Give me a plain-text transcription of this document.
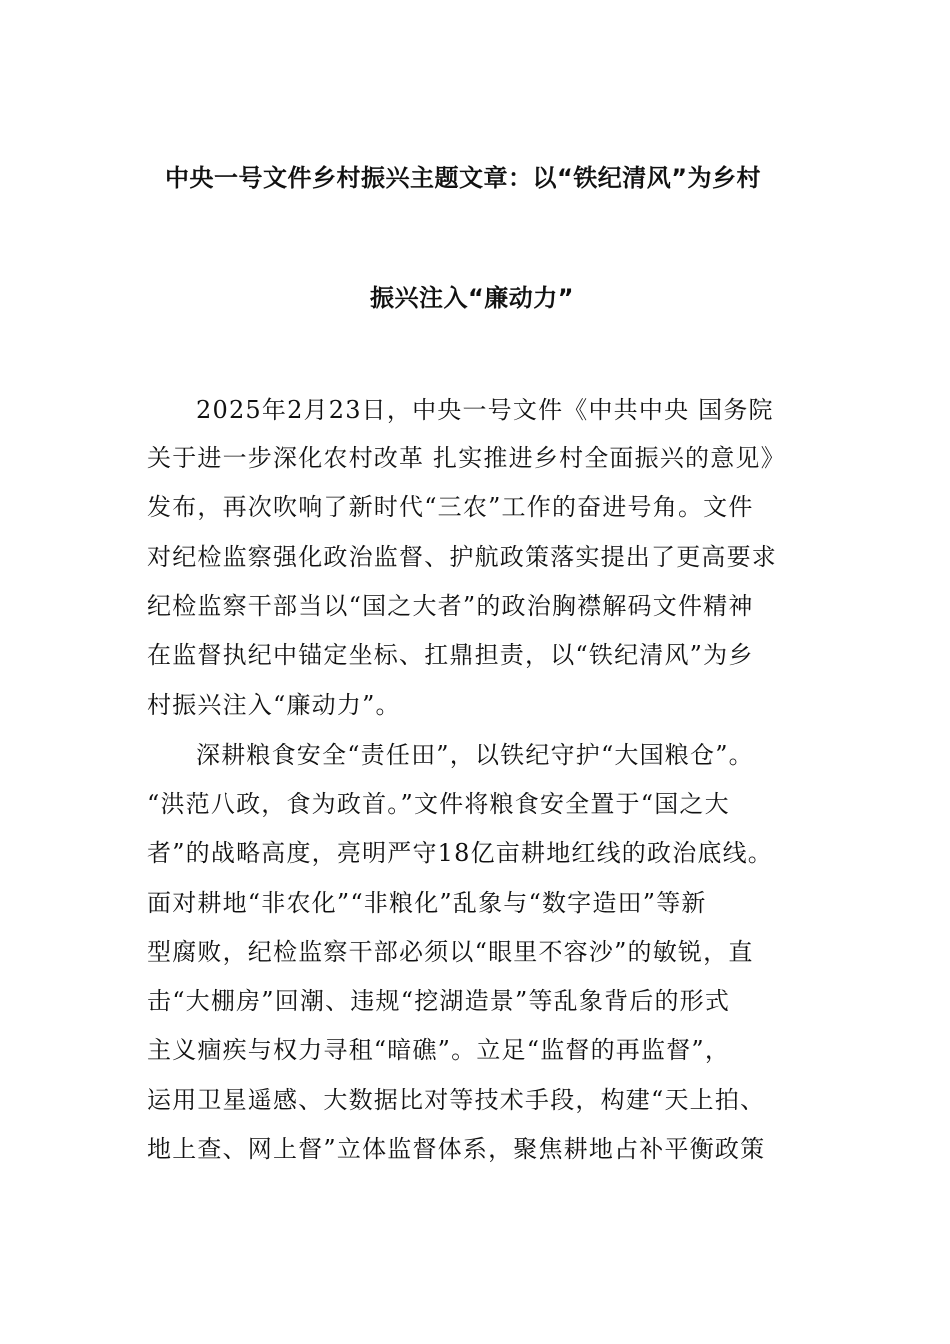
中央一号文件乡村振兴主题文章：以“铁纪清风”为乡村
振兴注入“廉动力”
2025年2月23日，中央一号文件《中共中央 国务院
关于进一步深化农村改革 扎实推进乡村全面振兴的意见》
发布，再次吹响了新时代“三农”工作的奋进号角。文件
对纪检监察强化政治监督、护航政策落实提出了更高要求
纪检监察干部当以“国之大者”的政治胸襟解码文件精神
在监督执纪中锚定坐标、扛鼎担责，以“铁纪清风”为乡
村振兴注入“廉动力”。
深耕粮食安全“责任田”，以铁纪守护“大国粮仓”。
“洪范八政，食为政首。”文件将粮食安全置于“国之大
者”的战略高度，亮明严守18亿亩耕地红线的政治底线。
面对耕地“非农化”“非粮化”乱象与“数字造田”等新
型腐败，纪检监察干部必须以“眼里不容沙”的敏锐，直
击“大棚房”回潮、违规“挖湖造景”等乱象背后的形式
主义痼疾与权力寻租“暗礁”。立足“监督的再监督”，
运用卫星遥感、大数据比对等技术手段，构建“天上拍、
地上查、网上督”立体监督体系，聚焦耕地占补平衡政策
